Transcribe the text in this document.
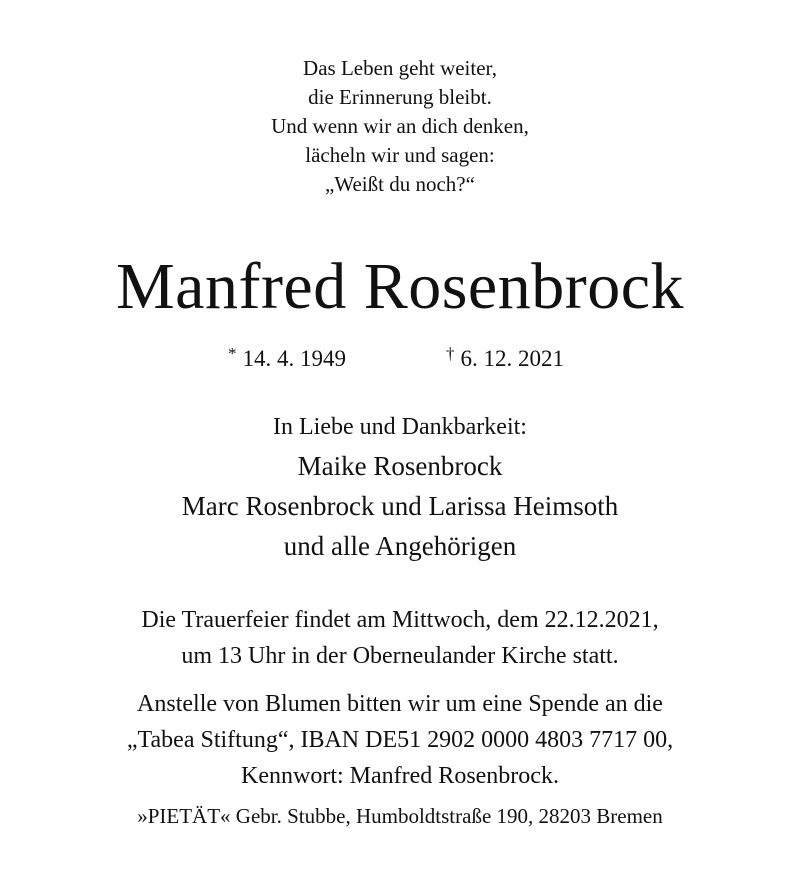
Das Leben geht weiter,
die Erinnerung bleibt.
Und wenn wir an dich denken,
lächeln wir und sagen:
„Weißt du noch?“
Manfred Rosenbrock
* 14. 4. 1949	† 6. 12. 2021
In Liebe und Dankbarkeit:
Maike Rosenbrock
Marc Rosenbrock und Larissa Heimsoth
und alle Angehörigen
Die Trauerfeier findet am Mittwoch, dem 22.12.2021,
um 13 Uhr in der Oberneulander Kirche statt.
Anstelle von Blumen bitten wir um eine Spende an die
„Tabea Stiftung“, IBAN DE51 2902 0000 4803 7717 00,
Kennwort: Manfred Rosenbrock.
»PIETÄT« Gebr. Stubbe, Humboldtstraße 190, 28203 Bremen
